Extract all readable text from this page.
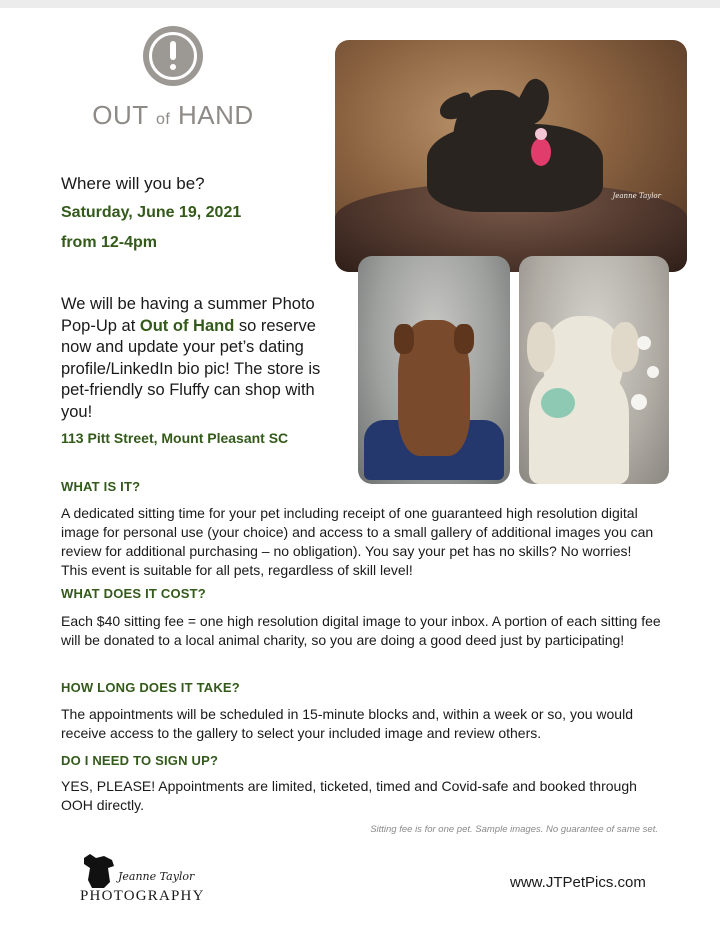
OUT of HAND
Jeanne Taylor
Where will you be?
Saturday, June 19, 2021
from 12-4pm
We will be having a summer Photo Pop-Up at Out of Hand so reserve now and update your pet’s dating profile/LinkedIn bio pic! The store is pet-friendly so Fluffy can shop with you!
113 Pitt Street, Mount Pleasant SC
WHAT IS IT?
A dedicated sitting time for your pet including receipt of one guaranteed high resolution digital image for personal use (your choice) and access to a small gallery of additional images you can review for additional purchasing – no obligation). You say your pet has no skills? No worries! This event is suitable for all pets, regardless of skill level!
WHAT DOES IT COST?
Each $40 sitting fee = one high resolution digital image to your inbox. A portion of each sitting fee will be donated to a local animal charity, so you are doing a good deed just by participating!
HOW LONG DOES IT TAKE?
The appointments will be scheduled in 15-minute blocks and, within a week or so, you would receive access to the gallery to select your included image and review others.
DO I NEED TO SIGN UP?
YES, PLEASE! Appointments are limited, ticketed, timed and Covid-safe and booked through OOH directly.
Sitting fee is for one pet. Sample images. No guarantee of same set.
Jeanne Taylor
PHOTOGRAPHY
www.JTPetPics.com
